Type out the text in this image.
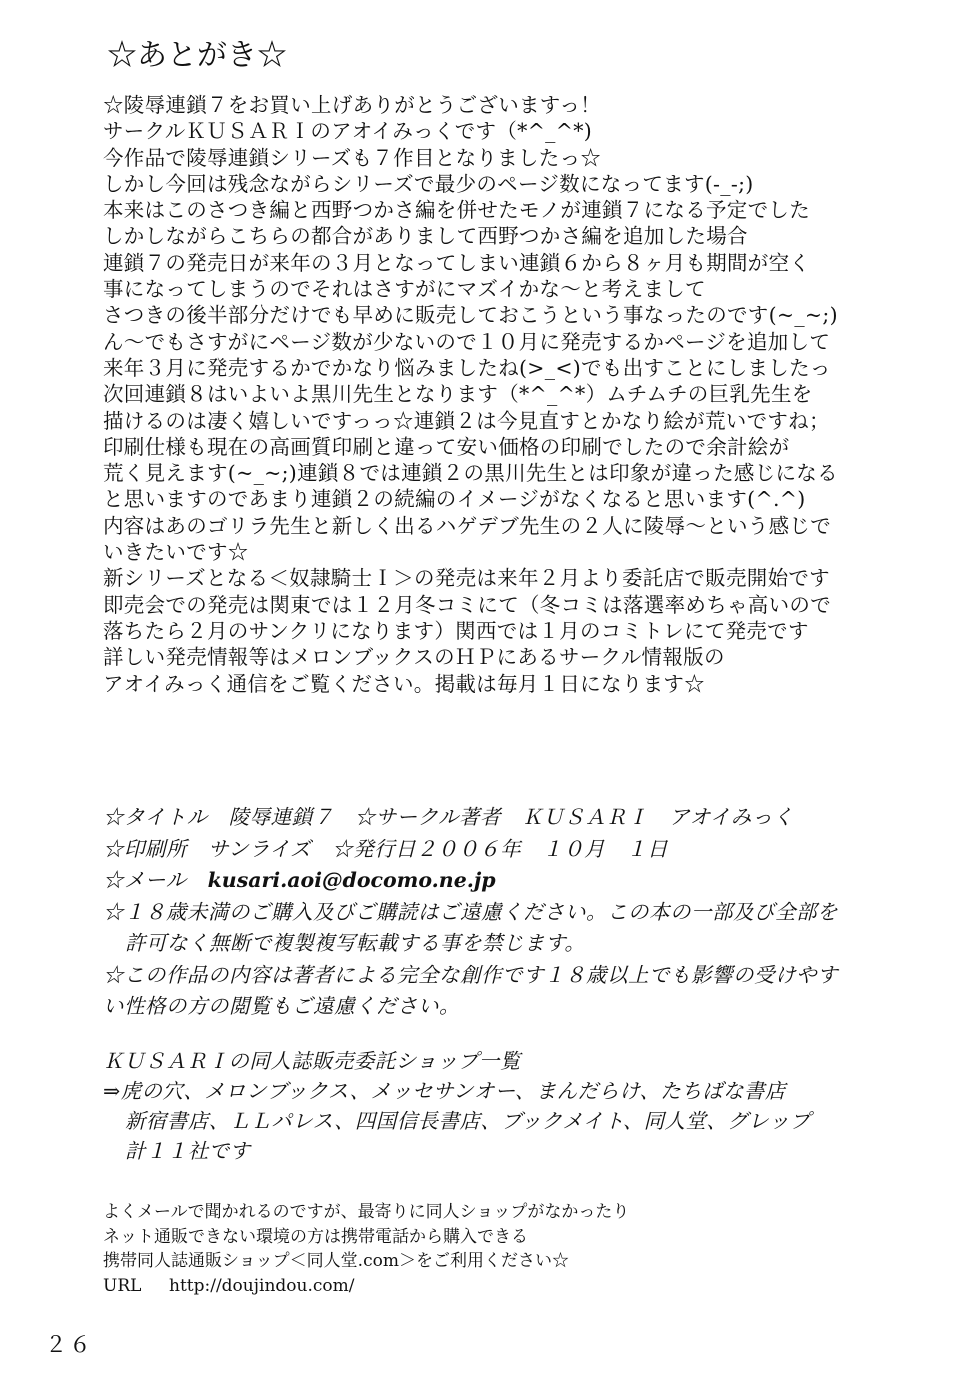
☆あとがき☆
☆陵辱連鎖７をお買い上げありがとうございますっ！
サークルＫＵＳＡＲＩのアオイみっくです（*^_^*)
今作品で陵辱連鎖シリーズも７作目となりましたっ☆
しかし今回は残念ながらシリーズで最少のページ数になってます(-_-;)
本来はこのさつき編と西野つかさ編を併せたモノが連鎖７になる予定でした
しかしながらこちらの都合がありまして西野つかさ編を追加した場合
連鎖７の発売日が来年の３月となってしまい連鎖６から８ヶ月も期間が空く
事になってしまうのでそれはさすがにマズイかな～と考えまして
さつきの後半部分だけでも早めに販売しておこうという事なったのです(~_~;)
ん～でもさすがにページ数が少ないので１０月に発売するかページを追加して
来年３月に発売するかでかなり悩みましたね(>_<)でも出すことにしましたっ
次回連鎖８はいよいよ黒川先生となります（*^_^*）ムチムチの巨乳先生を
描けるのは凄く嬉しいですっっ☆連鎖２は今見直すとかなり絵が荒いですね；
印刷仕様も現在の高画質印刷と違って安い価格の印刷でしたので余計絵が
荒く見えます(~_~;)連鎖８では連鎖２の黒川先生とは印象が違った感じになる
と思いますのであまり連鎖２の続編のイメージがなくなると思います(^.^)
内容はあのゴリラ先生と新しく出るハゲデブ先生の２人に陵辱～という感じで
いきたいです☆
新シリーズとなる＜奴隷騎士Ｉ＞の発売は来年２月より委託店で販売開始です
即売会での発売は関東では１２月冬コミにて（冬コミは落選率めちゃ高いので
落ちたら２月のサンクリになります）関西では１月のコミトレにて発売です
詳しい発売情報等はメロンブックスのＨＰにあるサークル情報版の
アオイみっく通信をご覧ください。掲載は毎月１日になります☆
☆タイトル　陵辱連鎖７　☆サークル著者　ＫＵＳＡＲＩ　アオイみっく
☆印刷所　サンライズ　☆発行日２００６年　１０月　１日
☆メール　kusari.aoi@docomo.ne.jp
☆１８歳未満のご購入及びご購読はご遠慮ください。この本の一部及び全部を
許可なく無断で複製複写転載する事を禁じます。
☆この作品の内容は著者による完全な創作です１８歳以上でも影響の受けやす
い性格の方の閲覧もご遠慮ください。
ＫＵＳＡＲＩの同人誌販売委託ショップ一覧
⇒虎の穴、メロンブックス、メッセサンオー、まんだらけ、たちばな書店
新宿書店、ＬＬパレス、四国信長書店、ブックメイト、同人堂、グレップ
計１１社です
よくメールで聞かれるのですが、最寄りに同人ショップがなかったり
ネット通販できない環境の方は携帯電話から購入できる
携帯同人誌通販ショップ＜同人堂.com＞をご利用ください☆
URL http://doujindou.com/
２６
